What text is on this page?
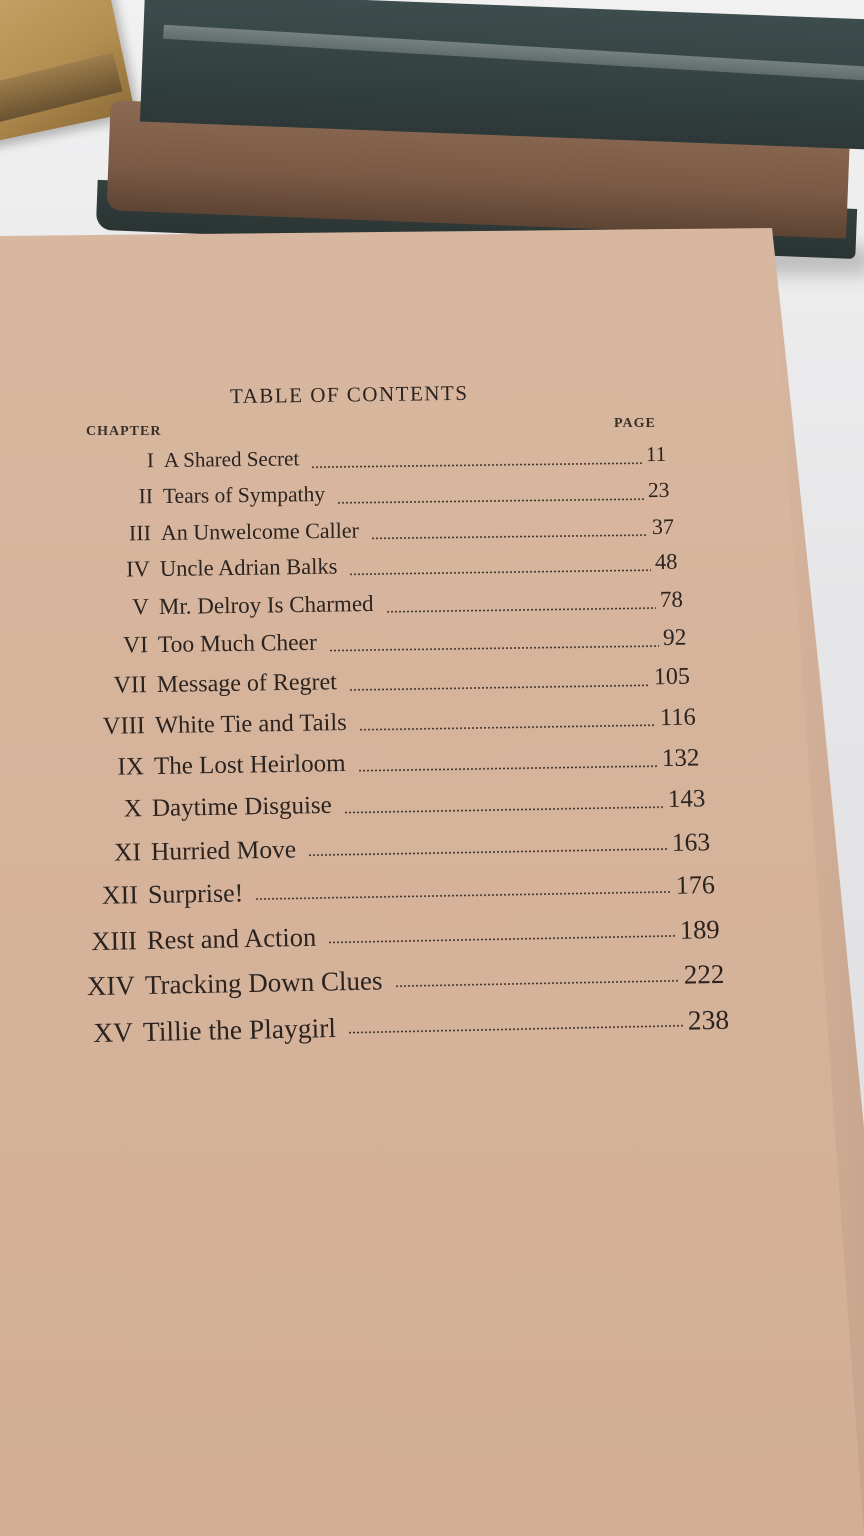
TABLE OF CONTENTS
CHAPTER
PAGE
I A Shared Secret	11
II Tears of Sympathy	23
III An Unwelcome Caller	37
IV Uncle Adrian Balks	48
V Mr. Delroy Is Charmed	78
VI Too Much Cheer	92
VII Message of Regret	105
VIII White Tie and Tails	116
IX The Lost Heirloom	132
X Daytime Disguise	143
XI Hurried Move	163
XII Surprise!	176
XIII Rest and Action	189
XIV Tracking Down Clues	222
XV Tillie the Playgirl	238
